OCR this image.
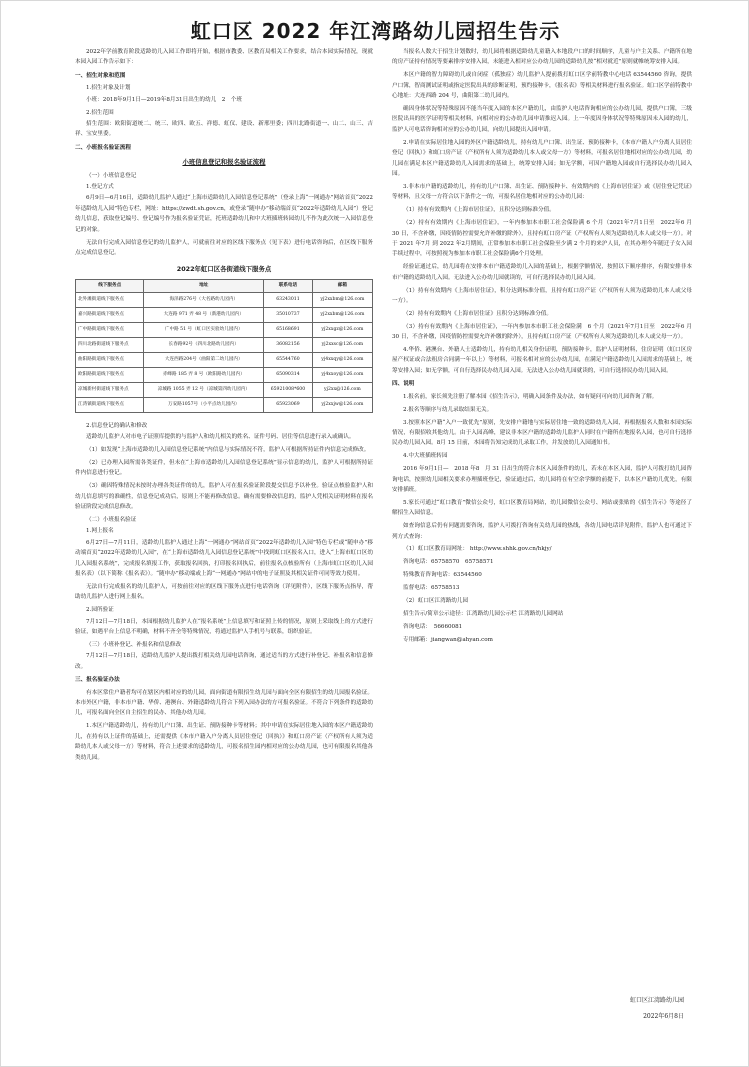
虹口区 2022 年江湾路幼儿园招生告示

2022年学前教育阶段适龄幼儿入园工作即将开始，根据市教委、区教育局相关工作要求，结合本园实际情况，现就本园入园工作告示如下：

一、招生对象和范围

1.招生对象及计划

小班：2018年9月1日—2019年8月31日出生的幼儿　2　个班

2.招生范围

招生范围：欧阳街道统二、统三、欧四、欧五、祥德、虹仪、建设、新邢里委；四川北路街道一、山二、山三、吉祥、宝安里委。

二、小班报名验证流程

小班信息登记和报名验证流程

（一）小班信息登记

1.登记方式

6月9日—6月16日，适龄幼儿监护人通过“上海市适龄幼儿入园信息登记系统”（登录上海“一网通办”网站首页“2022年适龄幼儿入园”特色专栏，网址：https://zwdt.sh.gov.cn，或登录“随申办”移动端首页“2022年适龄幼儿入园”）登记幼儿信息，获取登记编号、登记编号作为报名验证凭证，托班适龄幼儿和中大班插班转园幼儿不作为此次统一入园信息登记的对象。

无法自行完成入园信息登记的幼儿监护人，可就前往对应的区线下服务点（见下表）进行电话咨询后，在区线下服务点完成信息登记。

2022年虹口区各街道线下服务点

线下服务点	地址	联系电话	邮箱
北外滩街道线下服务点	海泽路276号（大名路幼儿园内）	63243011	yj2xxbm@126.com
嘉兴路街道线下服务点	大连路 971 弄 48 号（新港幼儿园内）	35010737	yj2xxbm@126.com
广中路街道线下服务点	广中路 51 号（虹口区实验幼儿园内）	65168691	yj2xxgz@126.com
四川北路街道线下服务点	长春路92号（四川北路幼儿园内）	36082156	yj2xxsc@126.com
曲阳路街道线下服务点	大连西路204号（曲阳第二幼儿园内）	65544760	yj4xxqy@126.com
欧阳路街道线下服务点	赤峰路 185 弄 8 号（欧阳路幼儿园内）	65090314	yj4xxoy@126.com
凉城新村街道线下服务点	凉城路 1055 弄 12 号（凉城第四幼儿园内）	65921008*600	yj2xx@126.com
江湾镇街道线下服务点	万安路1057号（小平点幼儿园内）	65923069	yj2xxjw@126.com

2.信息登记的确认和修改

适龄幼儿监护人对市电子证照库提供的与监护人和幼儿相关的姓名、证件号码、居住等信息进行录入或确认。

（1）如发现“上海市适龄幼儿入园信息登记系统”内信息与实际情况不符，监护人可根据所持证件内信息完成修改。

（2）已办理入园所需各类证件，但未在“上海市适龄幼儿入园信息登记系统”显示信息的幼儿，监护人可根据所持证件内信息进行登记。

（3）确因特殊情况未按时办理各类证件的幼儿，监护人可在报名验证阶段提交信息予以补登。验证点核验监护人和幼儿信息填写的准确性，信息登记成功后，原则上不能再修改信息。确有需要修改信息的，监护人凭相关证明材料在报名验证阶段完成信息修改。

（二）小班报名验证

1.网上报名

6月27日—7月11日，适龄幼儿监护人通过上海“一网通办”网站首页“2022年适龄幼儿入园”特色专栏或“随申办”移动端首页“2022年适龄幼儿入园”，在“上海市适龄幼儿入园信息登记系统”中找到虹口区报名入口，进入“上海市虹口区幼儿入园报名系统”，完成报名填报工作，获取报名回执，打印报名回执后，前往报名点核验所有（上海市虹口区幼儿入园报名表）（以下简称《报名表》）。“随申办”移动端或上海“一网通办”网站中的电子证照及其相关证件可同等效力使用。

无法自行完成报名的幼儿监护人，可按前往对应的区线下服务点进行电话咨询（详见附件），区线下服务点指导，帮助幼儿监护人进行网上报名。

2.园所验证

7月12日—7月18日，本园根据幼儿监护人在“报名系统”上信息填写和证照上传的情况，原则上采取线上的方式进行验证，如遇平台上信息不明确，材料不齐全等特殊情况，将通过监护人手机号与联系，组织验证。

（三）小班补登记、补报名和信息修改

7月12日—7月18日，适龄幼儿监护人提出拨打相关幼儿园电话咨询，通过适当的方式进行补登记、补报名和信息修改。

三、报名验证办法

有本区常住户籍者均可在辖区内相对应的幼儿园，面向街道有限招生幼儿园与面向全区有限招生的幼儿园报名验证。本市外区户籍，非本市户籍、华侨、港澳台、外籍适龄幼儿符合下列入园办法的方可报名验证。不符合下列条件的适龄幼儿，可报名面向全区自主招生的民办、其他办幼儿园。

1.本区户籍适龄幼儿，持有幼儿户口簿、出生证、预防接种卡等材料；其中申请在实际居住地入园的本区户籍适龄幼儿，在持有以上证件的基础上，还需提供《本市户籍入户分离人员居住登记（回执）》和虹口房产证（产权所有人须为适龄幼儿本人或父母一方）等材料，符合上述要求的适龄幼儿，可报名招生园内相对应的公办幼儿园，也可有限报名其他各类幼儿园。

当报名人数大于招生计划数时，幼儿园将根据适龄幼儿童籍入本地段户口的时间顺序，儿童与户主关系、户籍所在地的房产证持有情况等要素排序安排入园，未能进入相对应公办幼儿园的适龄幼儿按“相对就近”原则就帷统筹安排入园。

本区户籍的智力障碍幼儿或自闭症（孤独症）幼儿监护人提前拨打虹口区学前特教中心电话 63544560 咨询，提供户口簿，智商测试证明或指定医院出具的诊断证明，预约接种卡，《报名表》等相关材料进行报名验证。虹口区学前特教中心地址：大连西路 204 号，曲阳第二幼儿园内。

确因身体状况等特殊原因不能当年度入园的本区户籍幼儿，由监护人电话咨询相应的公办幼儿园，提供户口簿，三级医院出具的医学证明等相关材料，向相对应的公办幼儿园申请推迟入园。上一年度因身体状况等特殊原因未入园的幼儿，监护人可电话咨询相对应的公办幼儿园，向幼儿园提出入园申请。

2.申请在实际居住地入园的外区户籍适龄幼儿，持有幼儿户口簿、出生证、预防接种卡，《本市户籍人户分离人员居住登记（回执）》和虹口房产证（产权所有人须为适龄幼儿本人或父母一方）等材料，可报名居住地相对应的公办幼儿园，幼儿园在满足本区户籍适龄幼儿入园需求的基础上，统筹安排入园；如无学额，可因户籍地入园或自行选择民办幼儿园入园。

3.非本市户籍的适龄幼儿，持有幼儿户口簿、出生证、预防接种卡、有效期内的《上海市居住证》或《居住登记凭证》等材料，且父母一方符合以下条件之一的，可报名居住地相对应的公办幼儿园：

（1）持有有效期内《上海市居住证》，且积分达到标准分值。

（2）持有有效期内《上海市居住证》，一年内参加本市职工社会保险满 6 个月（2021年7月1日至　2022年6 月　30 日，不含补缴，因疫情防控需要允许补缴的除外），且持有虹口房产证（产权所有人须为适龄幼儿本人或父母一方）。对于 2021 年7月 到 2022 年2月期间，正常参加本市职工社会保险至少满 2 个月的来沪人员，在其办理今年随迁子女入园手续过程中，可按照视为参加本市职工社会保险满6个月处理。

经验证通过后，幼儿园将在安排本市户籍适龄幼儿入园的基础上，根据学额情况，按照以下顺序排序，有限安排非本市户籍的适龄幼儿入园。无法进入公办幼儿园就读的，可自行选择民办幼儿园入园。

（1）持有有效期内《上海市居住证》，积分达到标准分值，且持有虹口房产证（产权所有人须为适龄幼儿本人或父母一方）。

（2）持有有效期内《上海市居住证》且积分达到标准分值。

（3）持有有效期内《上海市居住证》，一年内参加本市职工社会保险满　6 个月（2021年7月1日至　2022年6 月 30 日，不含补缴，因疫情防控需要允许补缴的除外），且持有虹口房产证（产权所有人须为适龄幼儿本人或父母一方）。

4.华侨、港澳台、外籍人士适龄幼儿，持有幼儿相关身份证明，预防接种卡，监护人证明材料，住房证明（虹口区房屋产权证或合法租房合同满一年以上）等材料，可报名相对应的公办幼儿园，在满足户籍适龄幼儿入园需求的基础上，统筹安排入园；如无学额，可自行选择民办幼儿园入园。无法进入公办幼儿园就读的，可自行选择民办幼儿园入园。

四、说明

1.报名前，家长须先注册了解本园《招生告示》，明确入园条件及办法，如有疑问可向幼儿园咨询了解。

2.报名等顺序与幼儿录取结果无关。

3.按照本区户籍“入户一致优先”原则，先安排户籍地与实际居住地一致的适龄幼儿入园，再根据报名人数和本园实际情况，有限招收其他幼儿。由于入园高峰，建议非本区户籍的适龄幼儿监护人同时在户籍所在地报名入园，也可自行选择民办幼儿园入园。8月 15 日前，本园将告知完成幼儿录取工作，并发放幼儿入园通知书。

4.中大班插班转园

2016 年9月1日—　2018 年8　月 31 日出生的符合本区入园条件的幼儿，若未在本区入园，监护人可拨打幼儿园咨询电话，按照幼儿园相关要求办理插班登记，验证通过后，幼儿园将在有空余学额的前提下，以本区户籍幼儿优先，有限安排插班。

5.家长可通过“虹口教育”微信公众号，虹口区教育局网站，幼儿园微信公众号、网站或张贴的《招生告示》等途径了解招生入园信息。

如查询信息后仍有问题需要咨询，监护人可拨打咨询有关幼儿园的热线，各幼儿园电话详见附件，监护人也可通过下列方式查询：

（1）虹口区教育局网址： http://www.shhk.gov.cn/hkjy/

咨询电话：65758570　65758571

特殊教育咨询电话：63544560

监督电话：65758513

（2）虹口区江湾路幼儿园

招生告示/简章公示途径：江湾路幼儿园公示栏 江湾路幼儿园网站

咨询电话：　56660081

专用邮箱：jiangwan@ahyan.com

虹口区江湾路幼儿园
2022年6月8日
